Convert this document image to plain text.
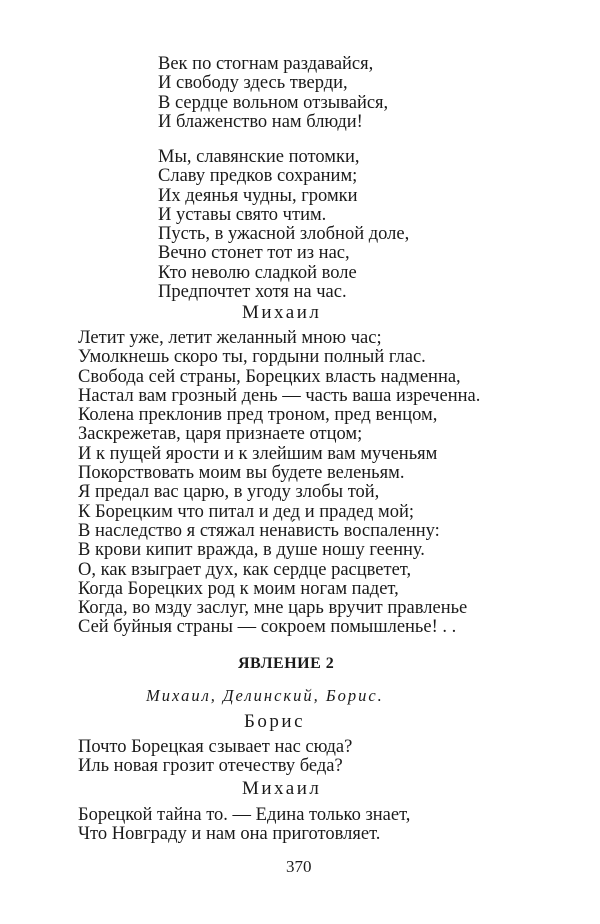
Век по стогнам раздавайся,
И свободу здесь тверди,
В сердце вольном отзывайся,
И блаженство нам блюди!
Мы, славянские потомки,
Славу предков сохраним;
Их деянья чудны, громки
И уставы свято чтим.
Пусть, в ужасной злобной доле,
Вечно стонет тот из нас,
Кто неволю сладкой воле
Предпочтет хотя на час.
Михаил
Летит уже, летит желанный мною час;
Умолкнешь скоро ты, гордыни полный глас.
Свобода сей страны, Борецких власть надменна,
Настал вам грозный день — часть ваша изреченна.
Колена преклонив пред троном, пред венцом,
Заскрежетав, царя признаете отцом;
И к пущей ярости и к злейшим вам мученьям
Покорствовать моим вы будете веленьям.
Я предал вас царю, в угоду злобы той,
К Борецким что питал и дед и прадед мой;
В наследство я стяжал нена́висть воспаленну:
В крови кипит вражда, в душе ношу геенну.
О, как взыграет дух, как сердце расцветет,
Когда Борецких род к моим ногам падет,
Когда, во мзду заслуг, мне царь вручит правленье
Сей буйныя страны — сокроем помышленье! . .
ЯВЛЕНИЕ 2
Михаил, Делинский, Борис.
Борис
Почто Борецкая сзывает нас сюда?
Иль новая грозит отечеству беда?
Михаил
Борецкой тайна то. — Едина только знает,
Что Новграду и нам она приготовляет.
370
